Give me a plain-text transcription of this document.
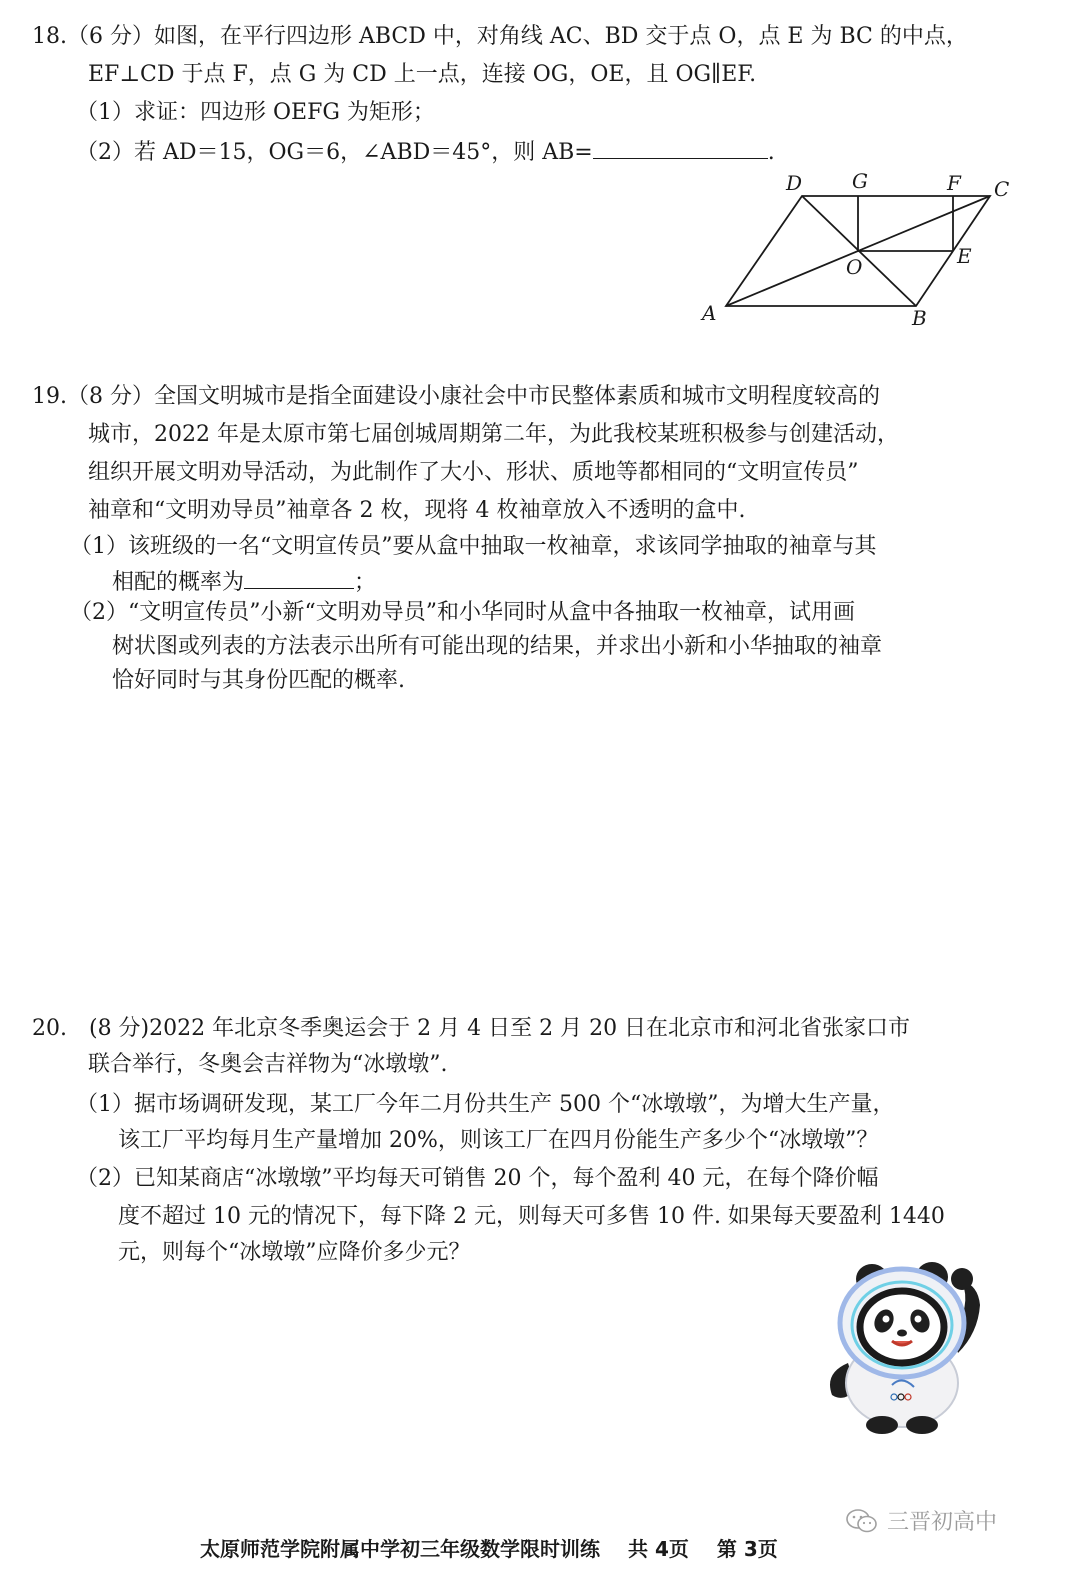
18.（6 分）如图，在平行四边形 ABCD 中，对角线 AC、BD 交于点 O，点 E 为 BC 的中点，
EF⊥CD 于点 F，点 G 为 CD 上一点，连接 OG，OE，且 OG∥EF.
（1）求证：四边形 OEFG 为矩形；
（2）若 AD＝15，OG＝6，∠ABD＝45°，则 AB=	.
D G	F C
O	E
A	B
19.（8 分）全国文明城市是指全面建设小康社会中市民整体素质和城市文明程度较高的
城市，2022 年是太原市第七届创城周期第二年，为此我校某班积极参与创建活动，
组织开展文明劝导活动，为此制作了大小、形状、质地等都相同的“文明宣传员”
袖章和“文明劝导员”袖章各 2 枚，现将 4 枚袖章放入不透明的盒中.
（1）该班级的一名“文明宣传员”要从盒中抽取一枚袖章，求该同学抽取的袖章与其
相配的概率为	；
（2）“文明宣传员”小新“文明劝导员”和小华同时从盒中各抽取一枚袖章，试用画
树状图或列表的方法表示出所有可能出现的结果，并求出小新和小华抽取的袖章
恰好同时与其身份匹配的概率.
20.　(8 分)2022 年北京冬季奥运会于 2 月 4 日至 2 月 20 日在北京市和河北省张家口市
联合举行，冬奥会吉祥物为“冰墩墩”.
（1）据市场调研发现，某工厂今年二月份共生产 500 个“冰墩墩”，为增大生产量，
该工厂平均每月生产量增加 20%，则该工厂在四月份能生产多少个“冰墩墩”？
（2）已知某商店“冰墩墩”平均每天可销售 20 个，每个盈利 40 元，在每个降价幅
度不超过 10 元的情况下，每下降 2 元，则每天可多售 10 件. 如果每天要盈利 1440
元，则每个“冰墩墩”应降价多少元？
三晋初高中
太原师范学院附属中学初三年级数学限时训练 共 4页 第 3页
